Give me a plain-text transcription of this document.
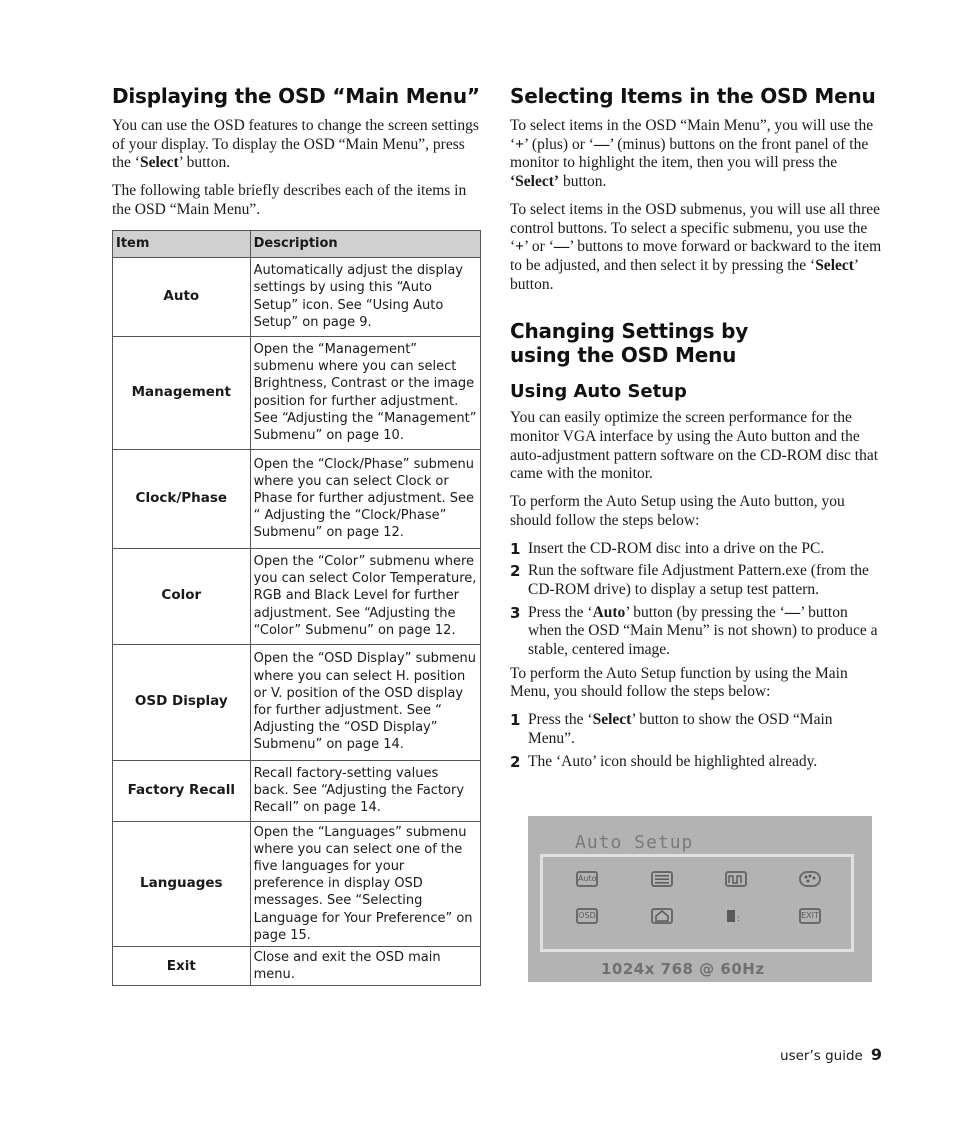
Displaying the OSD “Main Menu”

You can use the OSD features to change the screen settings of your display. To display the OSD “Main Menu”, press the ‘Select’ button.

The following table briefly describes each of the items in the OSD “Main Menu”.

Item	Description
Auto	Automatically adjust the display settings by using this “Auto Setup” icon. See “Using Auto Setup” on page 9.
Management	Open the “Management” submenu where you can select Brightness, Contrast or the image position for further adjustment. See “Adjusting the “Management” Submenu” on page 10.
Clock/Phase	Open the “Clock/Phase” submenu where you can select Clock or Phase for further adjustment. See “ Adjusting the “Clock/Phase” Submenu” on page 12.
Color	Open the “Color” submenu where you can select Color Temperature, RGB and Black Level for further adjustment. See “Adjusting the “Color” Submenu” on page 12.
OSD Display	Open the “OSD Display” submenu where you can select H. position or V. position of the OSD display for further adjustment. See “ Adjusting the “OSD Display” Submenu” on page 14.
Factory Recall	Recall factory-setting values back. See “Adjusting the Factory Recall” on page 14.
Languages	Open the “Languages” submenu where you can select one of the five languages for your preference in display OSD messages. See “Selecting Language for Your Preference” on page 15.
Exit	Close and exit the OSD main menu.
Selecting Items in the OSD Menu

To select items in the OSD “Main Menu”, you will use the ‘+’ (plus) or ‘—’ (minus) buttons on the front panel of the monitor to highlight the item, then you will press the ‘Select’ button.

To select items in the OSD submenus, you will use all three control buttons. To select a specific submenu, you use the ‘+’ or ‘—’ buttons to move forward or backward to the item to be adjusted, and then select it by pressing the ‘Select’ button.

Changing Settings by
using the OSD Menu
Using Auto Setup

You can easily optimize the screen performance for the monitor VGA interface by using the Auto button and the auto-adjustment pattern software on the CD-ROM disc that came with the monitor.

To perform the Auto Setup using the Auto button, you should follow the steps below:

1 Insert the CD-ROM disc into a drive on the PC.
2 Run the software file Adjustment Pattern.exe (from the CD-ROM drive) to display a setup test pattern.
3 Press the ‘Auto’ button (by pressing the ‘—’ button when the OSD “Main Menu” is not shown) to produce a stable, centered image.

To perform the Auto Setup function by using the Main Menu, you should follow the steps below:

1 Press the ‘Select’ button to show the OSD “Main Menu”.
2 The ‘Auto’ icon should be highlighted already.
Auto Setup
Auto
OSD	:	EXIT
1024x 768 @ 60Hz
user’s guide 9
